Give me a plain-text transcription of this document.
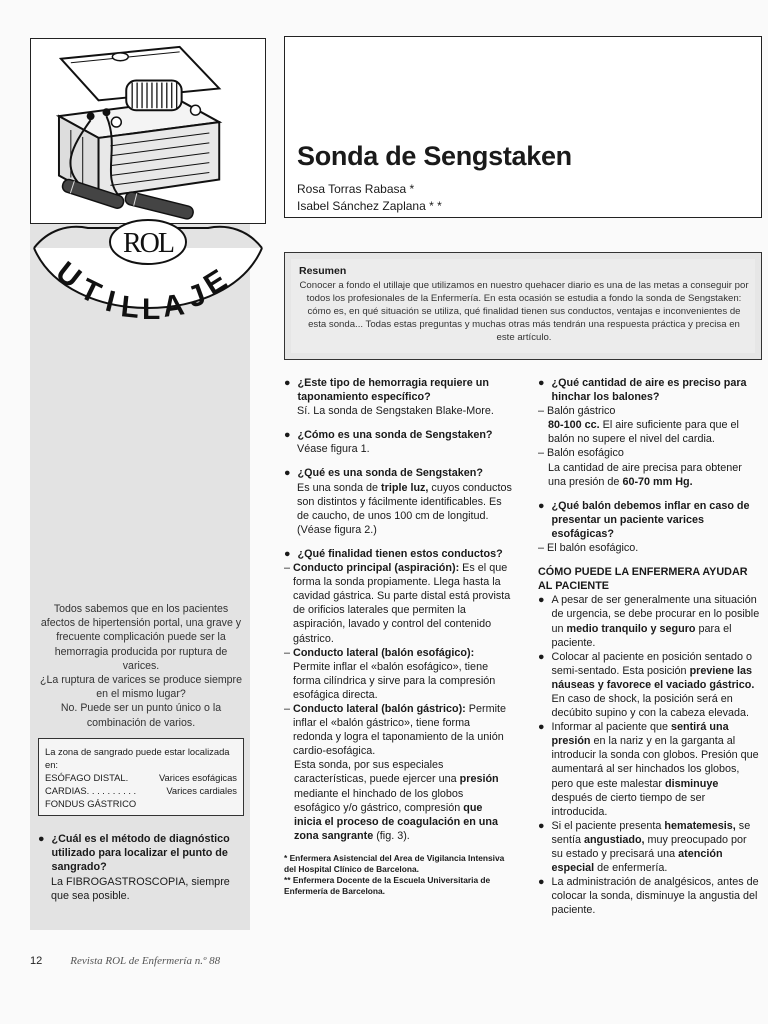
ROL
U
T
I L L A
J
E
UTILLAJE

Todos sabemos que en los pacientes afectos de hipertensión portal, una grave y frecuente complicación puede ser la hemorragia producida por ruptura de varices.

¿La ruptura de varices se produce siempre en el mismo lugar?

No. Puede ser un punto único o la combinación de varios.

La zona de sangrado puede estar localizada en:
ESÓFAGO DISTAL.	Varices esofágicas
CARDIAS. . . . . . . . . .	Varices cardiales
FONDUS GÁSTRICO
● ¿Cuál es el método de diagnóstico utilizado para localizar el punto de sangrado?
La FIBROGASTROSCOPIA, siempre que sea posible.
Sonda de Sengstaken
Rosa Torras Rabasa *
Isabel Sánchez Zaplana * *
Resumen
Conocer a fondo el utillaje que utilizamos en nuestro quehacer diario es una de las metas a conseguir por todos los profesionales de la Enfermería. En esta ocasión se estudia a fondo la sonda de Sengstaken: cómo es, en qué situación se utiliza, qué finalidad tienen sus conductos, ventajas e inconvenientes de esta sonda... Todas estas preguntas y muchas otras más tendrán una respuesta práctica y precisa en este artículo.
● ¿Este tipo de hemorragia requiere un taponamiento específico?
Sí. La sonda de Sengstaken Blake-More.
● ¿Cómo es una sonda de Sengstaken?
Véase figura 1.
● ¿Qué es una sonda de Sengstaken?
Es una sonda de triple luz, cuyos conductos son distintos y fácilmente identificables. Es de caucho, de unos 100 cm de longitud. (Véase figura 2.)
● ¿Qué finalidad tienen estos conductos?
– Conducto principal (aspiración): Es el que forma la sonda propiamente. Llega hasta la cavidad gástrica. Su parte distal está provista de orificios laterales que permiten la aspiración, lavado y control del contenido gástrico.
– Conducto lateral (balón esofágico): Permite inflar el «balón esofágico», tiene forma cilíndrica y sirve para la compresión esofágica directa.
– Conducto lateral (balón gástrico): Permite inflar el «balón gástrico», tiene forma redonda y logra el taponamiento de la unión cardio-esofágica.
Esta sonda, por sus especiales características, puede ejercer una presión mediante el hinchado de los globos esofágico y/o gástrico, compresión que inicia el proceso de coagulación en una zona sangrante (fig. 3).
* Enfermera Asistencial del Area de Vigilancia Intensiva del Hospital Clínico de Barcelona.
** Enfermera Docente de la Escuela Universitaria de Enfermería de Barcelona.
● ¿Qué cantidad de aire es preciso para hinchar los balones?
– Balón gástrico
80-100 cc. El aire suficiente para que el balón no supere el nivel del cardia.
– Balón esofágico
La cantidad de aire precisa para obtener una presión de 60-70 mm Hg.
● ¿Qué balón debemos inflar en caso de presentar un paciente varices esofágicas?
– El balón esofágico.
CÓMO PUEDE LA ENFERMERA AYUDAR AL PACIENTE
● A pesar de ser generalmente una situación de urgencia, se debe procurar en lo posible un medio tranquilo y seguro para el paciente.
● Colocar al paciente en posición sentado o semi-sentado. Esta posición previene las náuseas y favorece el vaciado gástrico. En caso de shock, la posición será en decúbito supino y con la cabeza elevada.
● Informar al paciente que sentirá una presión en la nariz y en la garganta al introducir la sonda con globos. Presión que aumentará al ser hinchados los globos, pero que este malestar disminuye después de cierto tiempo de ser introducida.
● Si el paciente presenta hematemesis, se sentía angustiado, muy preocupado por su estado y precisará una atención especial de enfermería.
● La administración de analgésicos, antes de colocar la sonda, disminuye la angustia del paciente.
12	Revista ROL de Enfermería n.º 88
